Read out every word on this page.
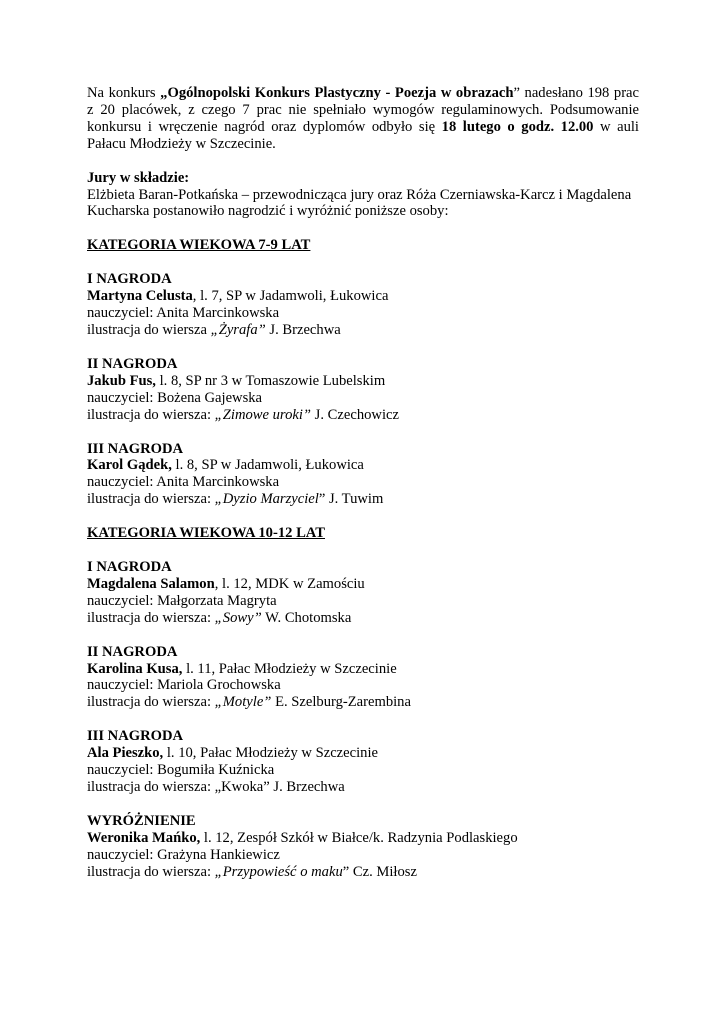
Na konkurs „Ogólnopolski Konkurs Plastyczny - Poezja w obrazach” nadesłano 198 prac
z 20 placówek, z czego 7 prac nie spełniało wymogów regulaminowych. Podsumowanie
konkursu i wręczenie nagród oraz dyplomów odbyło się 18 lutego o godz. 12.00 w auli
Pałacu Młodzieży w Szczecinie.

Jury w składzie:

Elżbieta Baran-Potkańska – przewodnicząca jury oraz Róża Czerniawska-Karcz i Magdalena

Kucharska postanowiło nagrodzić i wyróżnić poniższe osoby:

KATEGORIA WIEKOWA 7-9 LAT

I NAGRODA

Martyna Celusta, l. 7, SP w Jadamwoli, Łukowica

nauczyciel: Anita Marcinkowska

ilustracja do wiersza „Żyrafa” J. Brzechwa

II NAGRODA

Jakub Fus, l. 8, SP nr 3 w Tomaszowie Lubelskim

nauczyciel: Bożena Gajewska

ilustracja do wiersza: „Zimowe uroki” J. Czechowicz

III NAGRODA

Karol Gądek, l. 8, SP w Jadamwoli, Łukowica

nauczyciel: Anita Marcinkowska

ilustracja do wiersza: „Dyzio Marzyciel” J. Tuwim

KATEGORIA WIEKOWA 10-12 LAT

I NAGRODA

Magdalena Salamon, l. 12, MDK w Zamościu

nauczyciel: Małgorzata Magryta

ilustracja do wiersza: „Sowy” W. Chotomska

II NAGRODA

Karolina Kusa, l. 11, Pałac Młodzieży w Szczecinie

nauczyciel: Mariola Grochowska

ilustracja do wiersza: „Motyle” E. Szelburg-Zarembina

III NAGRODA

Ala Pieszko, l. 10, Pałac Młodzieży w Szczecinie

nauczyciel: Bogumiła Kuźnicka

ilustracja do wiersza: „Kwoka” J. Brzechwa

WYRÓŻNIENIE

Weronika Mańko, l. 12, Zespół Szkół w Białce/k. Radzynia Podlaskiego

nauczyciel: Grażyna Hankiewicz

ilustracja do wiersza: „Przypowieść o maku” Cz. Miłosz
